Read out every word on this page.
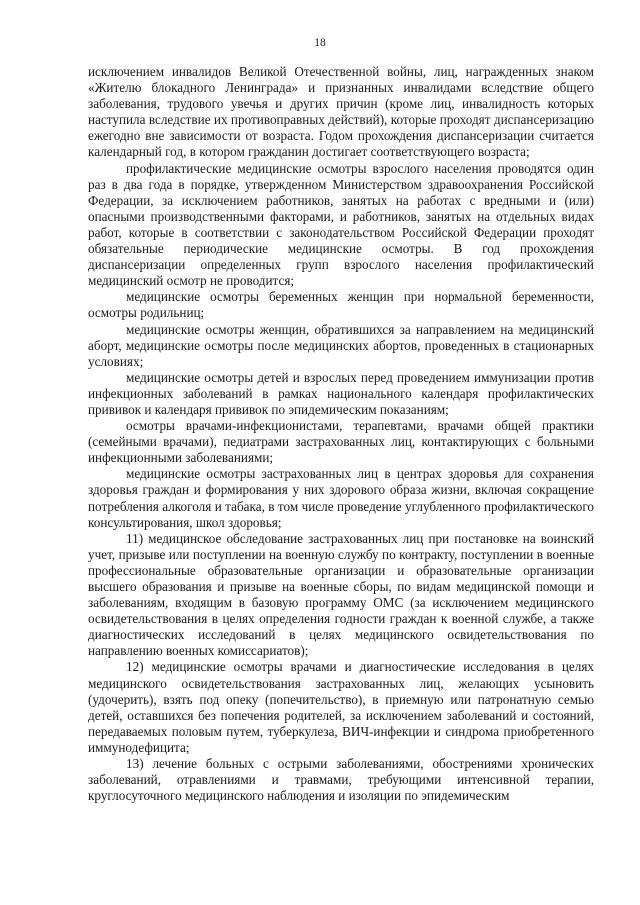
18

исключением инвалидов Великой Отечественной войны, лиц, награжденных знаком «Жителю блокадного Ленинграда» и признанных инвалидами вследствие общего заболевания, трудового увечья и других причин (кроме лиц, инвалидность которых наступила вследствие их противоправных действий), которые проходят диспансеризацию ежегодно вне зависимости от возраста. Годом прохождения диспансеризации считается календарный год, в котором гражданин достигает соответствующего возраста;

профилактические медицинские осмотры взрослого населения проводятся один раз в два года в порядке, утвержденном Министерством здравоохранения Российской Федерации, за исключением работников, занятых на работах с вредными и (или) опасными производственными факторами, и работников, занятых на отдельных видах работ, которые в соответствии с законодательством Российской Федерации проходят обязательные периодические медицинские осмотры. В год прохождения диспансеризации определенных групп взрослого населения профилактический медицинский осмотр не проводится;

медицинские осмотры беременных женщин при нормальной беременности, осмотры родильниц;

медицинские осмотры женщин, обратившихся за направлением на медицинский аборт, медицинские осмотры после медицинских абортов, проведенных в стационарных условиях;

медицинские осмотры детей и взрослых перед проведением иммунизации против инфекционных заболеваний в рамках национального календаря профилактических прививок и календаря прививок по эпидемическим показаниям;

осмотры врачами-инфекционистами, терапевтами, врачами общей практики (семейными врачами), педиатрами застрахованных лиц, контактирующих с больными инфекционными заболеваниями;

медицинские осмотры застрахованных лиц в центрах здоровья для сохранения здоровья граждан и формирования у них здорового образа жизни, включая сокращение потребления алкоголя и табака, в том числе проведение углубленного профилактического консультирования, школ здоровья;

11) медицинское обследование застрахованных лиц при постановке на воинский учет, призыве или поступлении на военную службу по контракту, поступлении в военные профессиональные образовательные организации и образовательные организации высшего образования и призыве на военные сборы, по видам медицинской помощи и заболеваниям, входящим в базовую программу ОМС (за исключением медицинского освидетельствования в целях определения годности граждан к военной службе, а также диагностических исследований в целях медицинского освидетельствования по направлению военных комиссариатов);

12) медицинские осмотры врачами и диагностические исследования в целях медицинского освидетельствования застрахованных лиц, желающих усыновить (удочерить), взять под опеку (попечительство), в приемную или патронатную семью детей, оставшихся без попечения родителей, за исключением заболеваний и состояний, передаваемых половым путем, туберкулеза, ВИЧ-инфекции и синдрома приобретенного иммунодефицита;

13) лечение больных с острыми заболеваниями, обострениями хронических заболеваний, отравлениями и травмами, требующими интенсивной терапии, круглосуточного медицинского наблюдения и изоляции по эпидемическим
